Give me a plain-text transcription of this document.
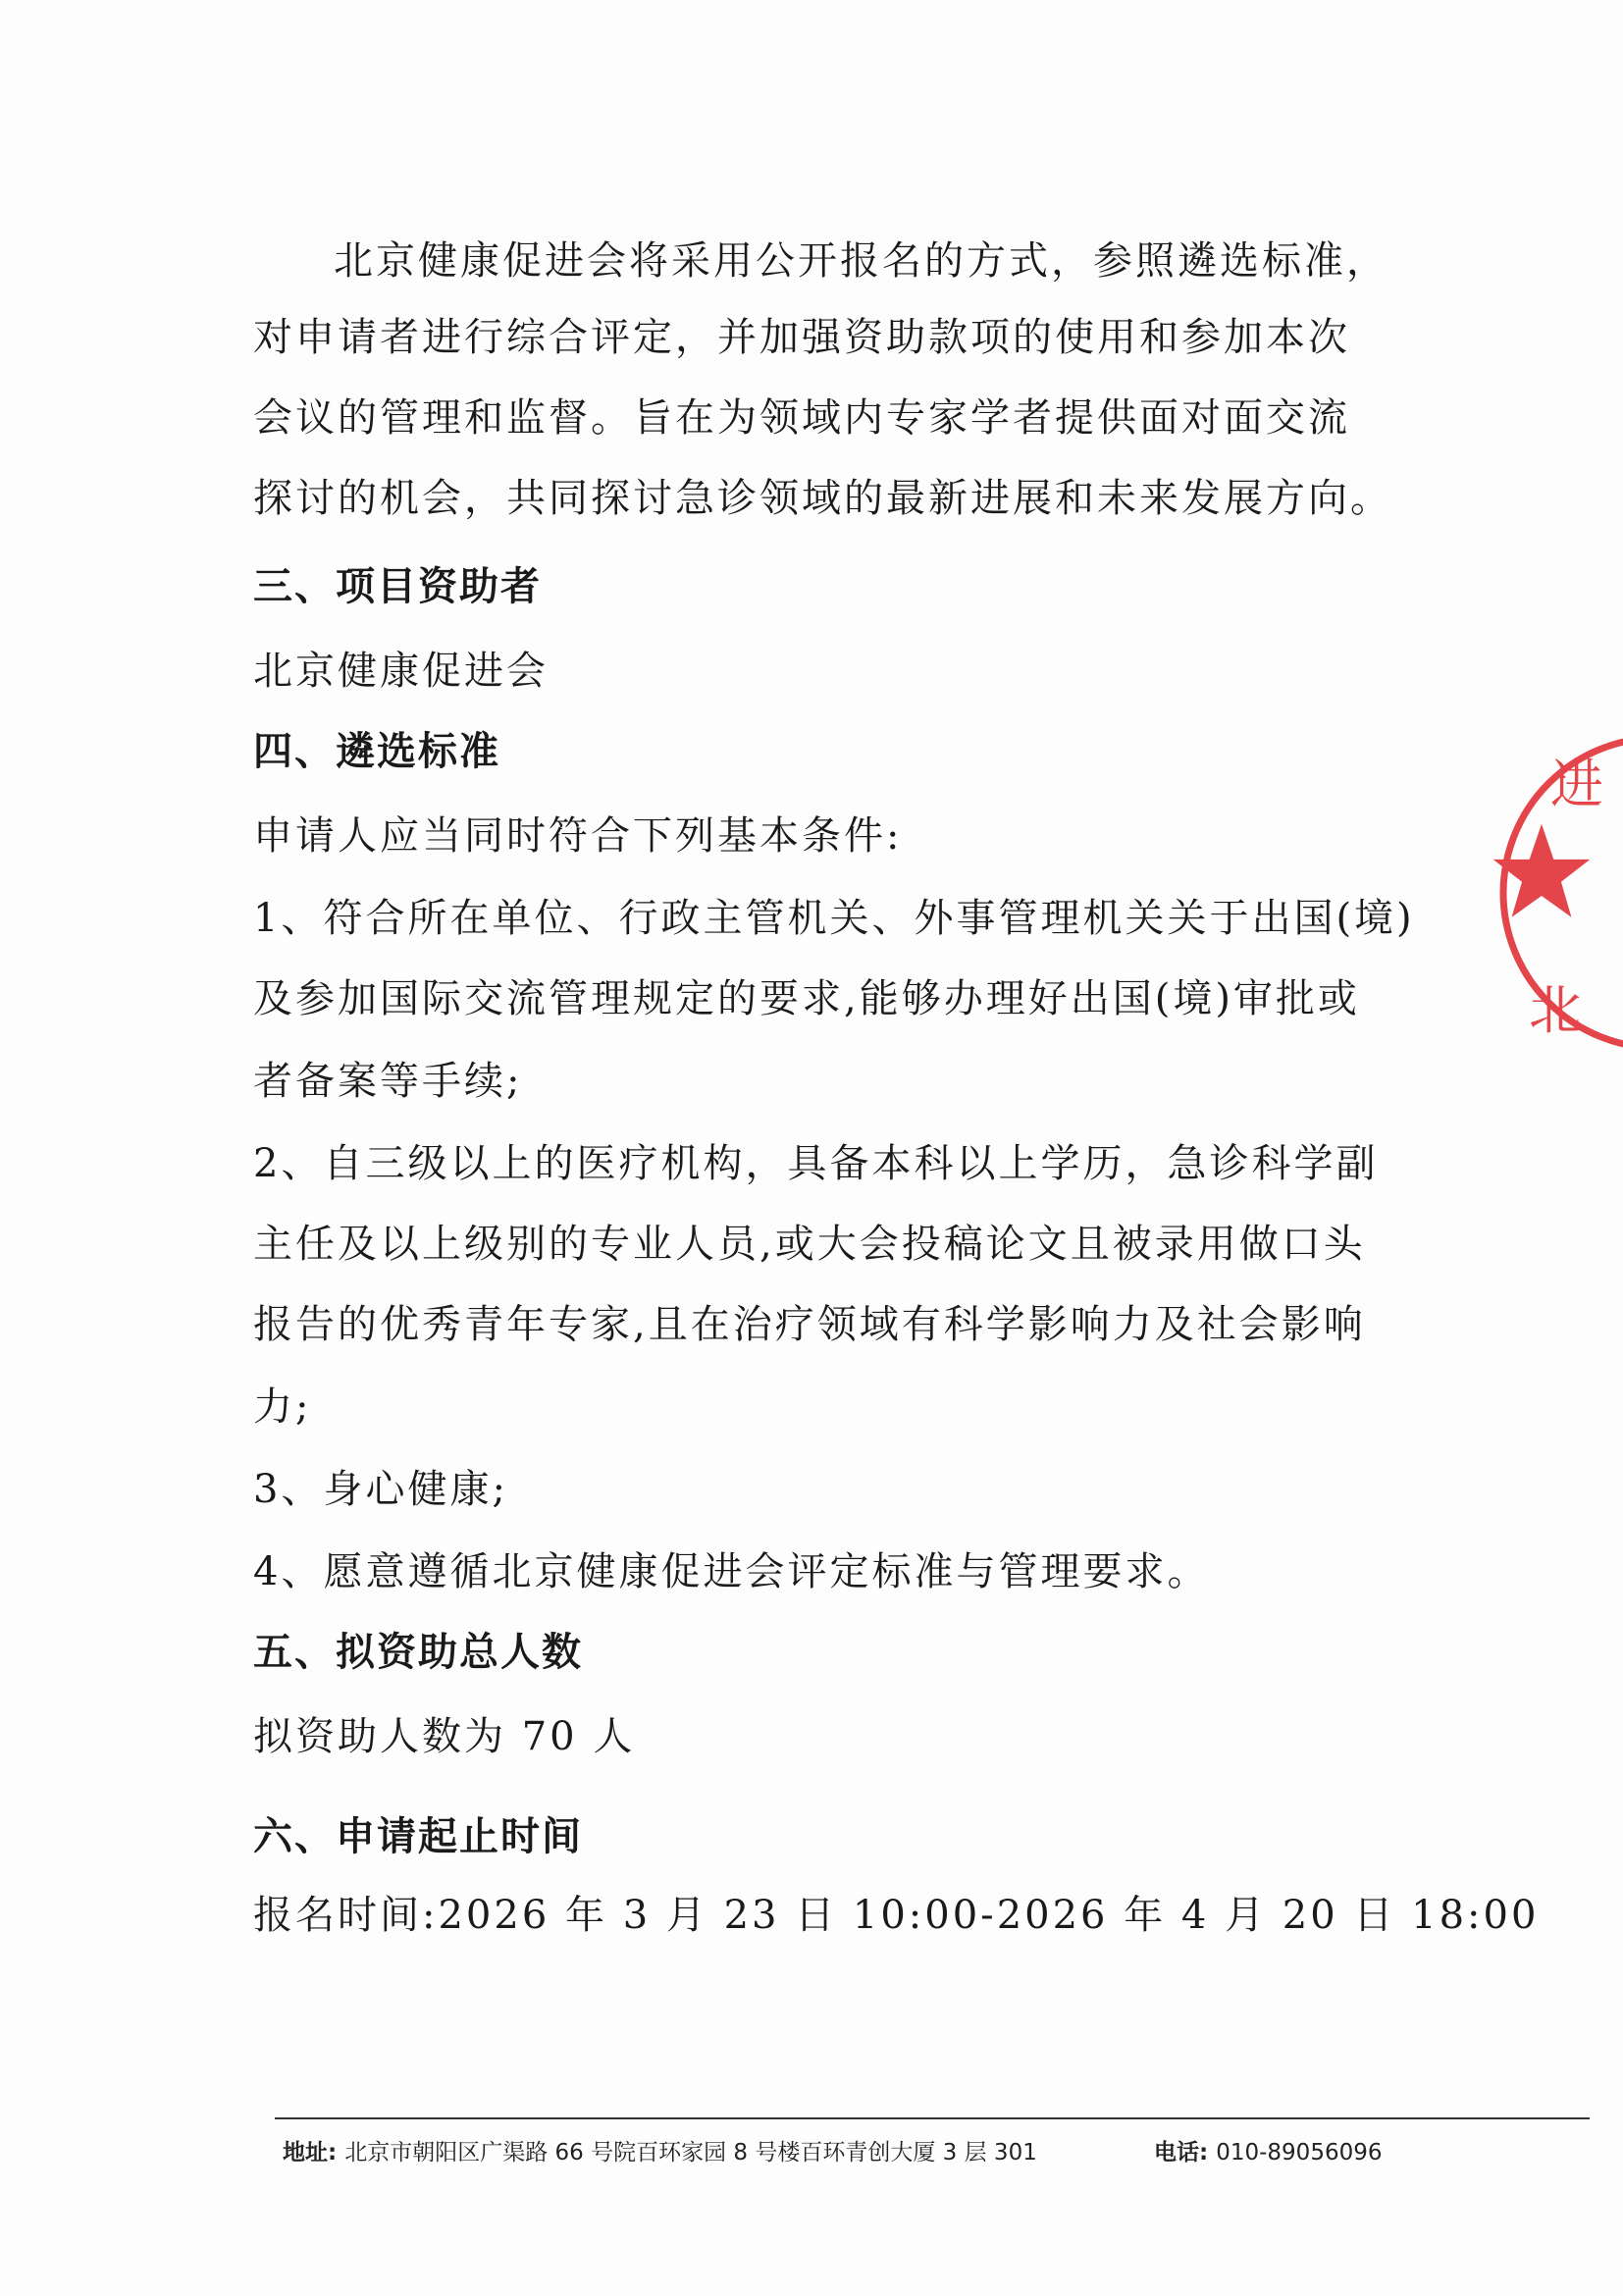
北京健康促进会将采用公开报名的方式，参照遴选标准，
对申请者进行综合评定，并加强资助款项的使用和参加本次
会议的管理和监督。旨在为领域内专家学者提供面对面交流
探讨的机会，共同探讨急诊领域的最新进展和未来发展方向。
三、项目资助者
北京健康促进会
四、遴选标准
申请人应当同时符合下列基本条件:
1、符合所在单位、行政主管机关、外事管理机关关于出国(境)
及参加国际交流管理规定的要求,能够办理好出国(境)审批或
者备案等手续;
2、自三级以上的医疗机构，具备本科以上学历，急诊科学副
主任及以上级别的专业人员,或大会投稿论文且被录用做口头
报告的优秀青年专家,且在治疗领域有科学影响力及社会影响
力;
3、身心健康;
4、愿意遵循北京健康促进会评定标准与管理要求。
五、拟资助总人数
拟资助人数为 70 人
六、申请起止时间
报名时间:2026 年 3 月 23 日 10:00-2026 年 4 月 20 日 18:00
地址: 北京市朝阳区广渠路 66 号院百环家园 8 号楼百环青创大厦 3 层 301	电话: 010-89056096
进
北
